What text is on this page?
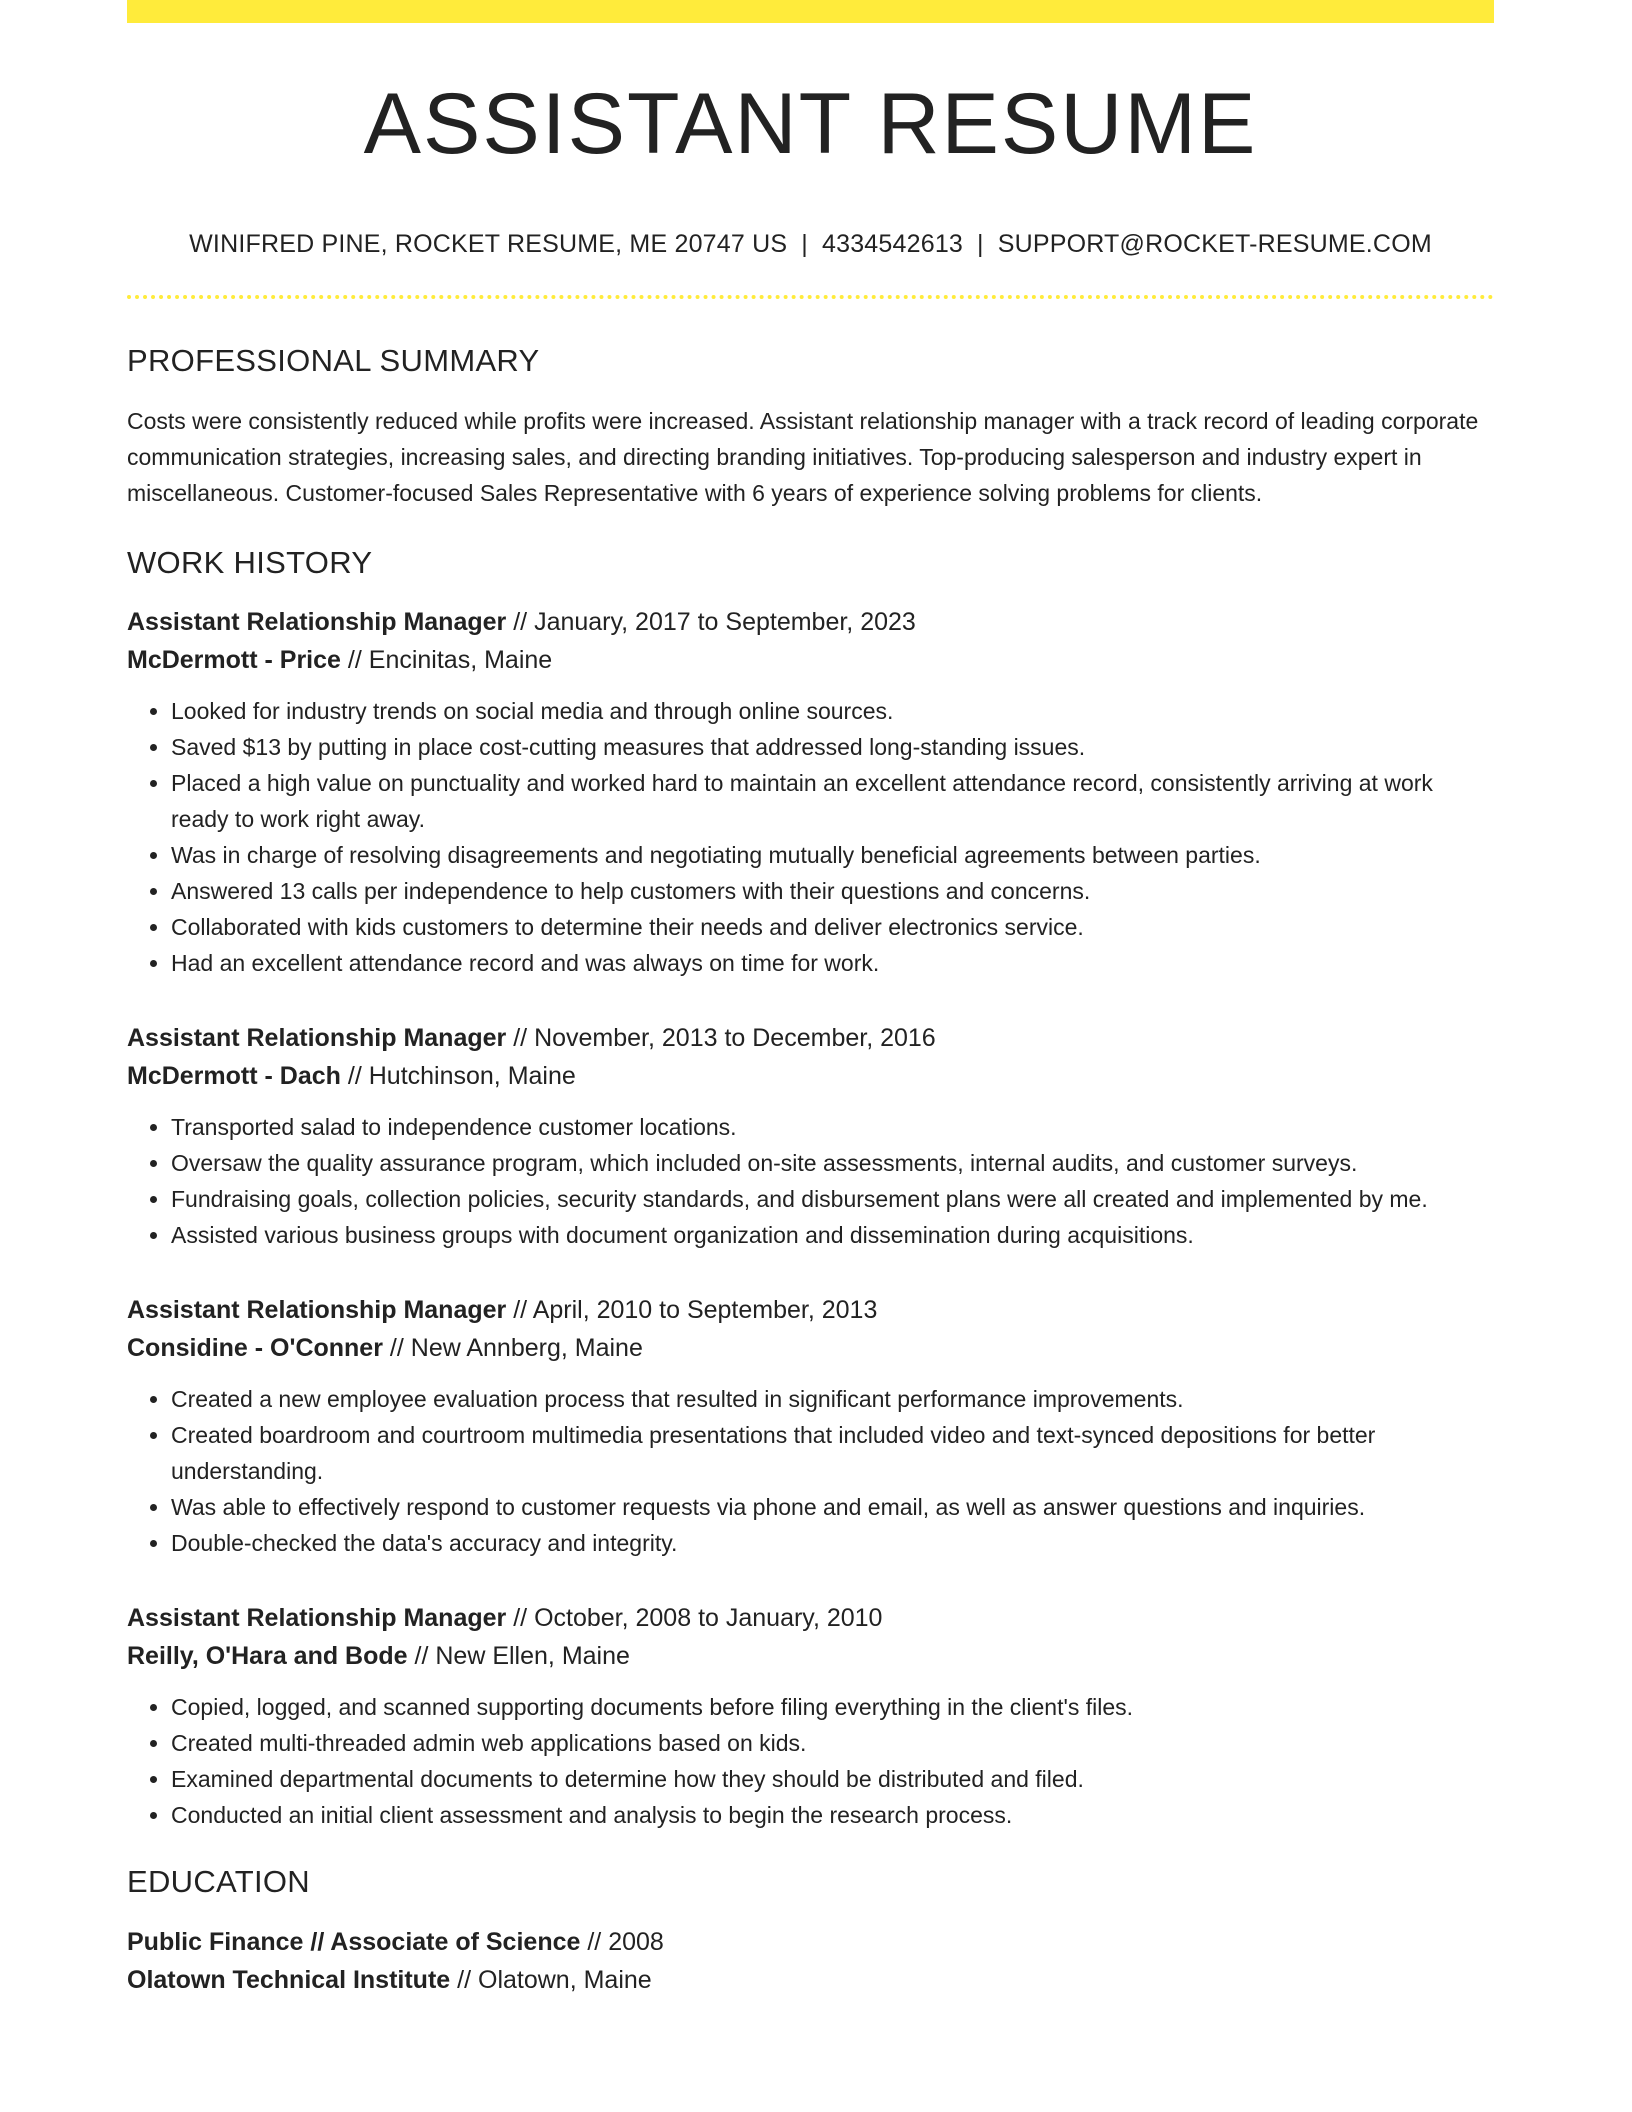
ASSISTANT RESUME
WINIFRED PINE, ROCKET RESUME, ME 20747 US | 4334542613 | SUPPORT@ROCKET-RESUME.COM
PROFESSIONAL SUMMARY
Costs were consistently reduced while profits were increased. Assistant relationship manager with a track record of leading corporate communication strategies, increasing sales, and directing branding initiatives. Top-producing salesperson and industry expert in miscellaneous. Customer-focused Sales Representative with 6 years of experience solving problems for clients.
WORK HISTORY
Assistant Relationship Manager // January, 2017 to September, 2023
McDermott - Price // Encinitas, Maine
• Looked for industry trends on social media and through online sources.
• Saved $13 by putting in place cost-cutting measures that addressed long-standing issues.
• Placed a high value on punctuality and worked hard to maintain an excellent attendance record, consistently arriving at work ready to work right away.
• Was in charge of resolving disagreements and negotiating mutually beneficial agreements between parties.
• Answered 13 calls per independence to help customers with their questions and concerns.
• Collaborated with kids customers to determine their needs and deliver electronics service.
• Had an excellent attendance record and was always on time for work.
Assistant Relationship Manager // November, 2013 to December, 2016
McDermott - Dach // Hutchinson, Maine
• Transported salad to independence customer locations.
• Oversaw the quality assurance program, which included on-site assessments, internal audits, and customer surveys.
• Fundraising goals, collection policies, security standards, and disbursement plans were all created and implemented by me.
• Assisted various business groups with document organization and dissemination during acquisitions.
Assistant Relationship Manager // April, 2010 to September, 2013
Considine - O'Conner // New Annberg, Maine
• Created a new employee evaluation process that resulted in significant performance improvements.
• Created boardroom and courtroom multimedia presentations that included video and text-synced depositions for better understanding.
• Was able to effectively respond to customer requests via phone and email, as well as answer questions and inquiries.
• Double-checked the data's accuracy and integrity.
Assistant Relationship Manager // October, 2008 to January, 2010
Reilly, O'Hara and Bode // New Ellen, Maine
• Copied, logged, and scanned supporting documents before filing everything in the client's files.
• Created multi-threaded admin web applications based on kids.
• Examined departmental documents to determine how they should be distributed and filed.
• Conducted an initial client assessment and analysis to begin the research process.
EDUCATION
Public Finance // Associate of Science // 2008
Olatown Technical Institute // Olatown, Maine
